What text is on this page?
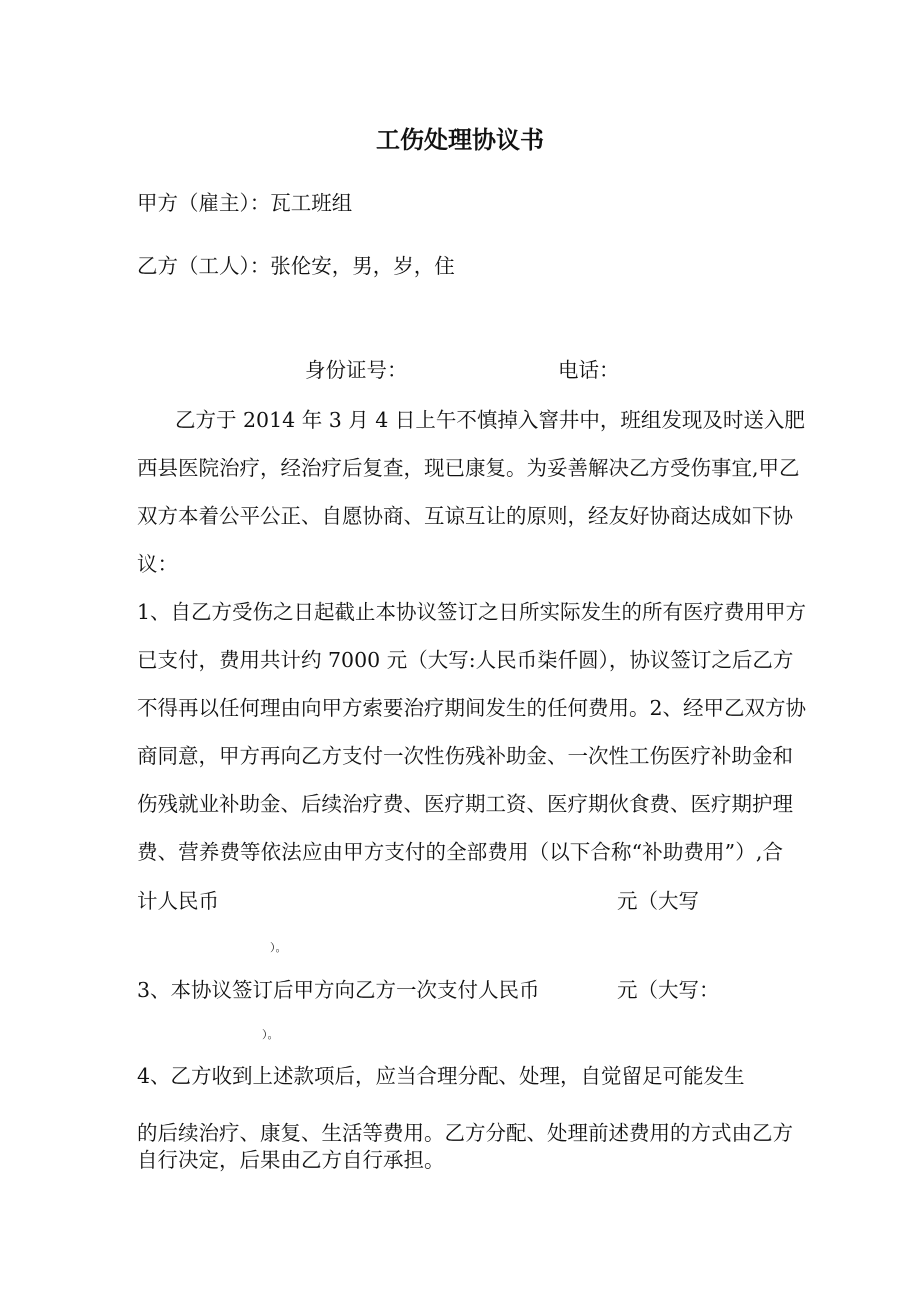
工伤处理协议书
甲方（雇主）：瓦工班组
乙方（工人）：张伦安，男，岁，住
身份证号：	电话：
乙方于 2014 年 3 月 4 日上午不慎掉入窨井中，班组发现及时送入肥
西县医院治疗，经治疗后复查，现已康复。为妥善解决乙方受伤事宜,甲乙
双方本着公平公正、自愿协商、互谅互让的原则，经友好协商达成如下协
议：
1、自乙方受伤之日起截止本协议签订之日所实际发生的所有医疗费用甲方
已支付，费用共计约 7000 元（大写:人民币柒仟圆），协议签订之后乙方
不得再以任何理由向甲方索要治疗期间发生的任何费用。2、经甲乙双方协
商同意，甲方再向乙方支付一次性伤残补助金、一次性工伤医疗补助金和
伤残就业补助金、后续治疗费、医疗期工资、医疗期伙食费、医疗期护理
费、营养费等依法应由甲方支付的全部费用（以下合称“补助费用”）,合
计人民币	元（大写
）。
3、本协议签订后甲方向乙方一次支付人民币	元（大写：
）。
4、乙方收到上述款项后，应当合理分配、处理，自觉留足可能发生
的后续治疗、康复、生活等费用。乙方分配、处理前述费用的方式由乙方
自行决定，后果由乙方自行承担。
